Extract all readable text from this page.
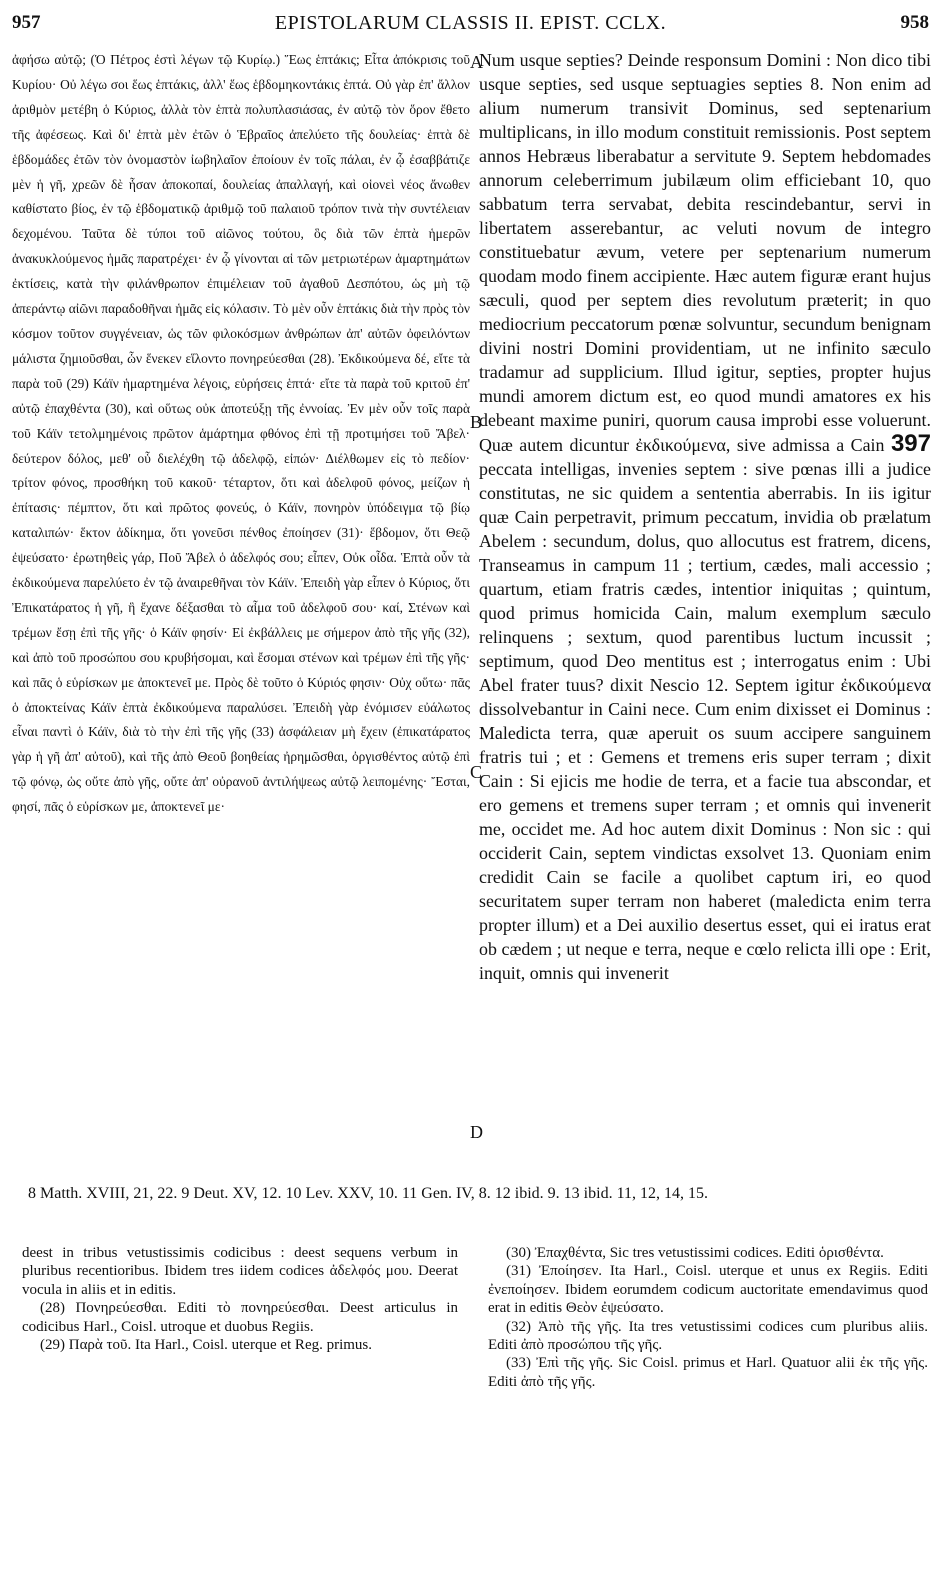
957	EPISTOLARUM CLASSIS II. EPIST. CCLX.	958

ἀφήσω αὐτῷ; (Ὁ Πέτρος ἐστὶ λέγων τῷ Κυρίῳ.) Ἕως ἑπτάκις; Εἶτα ἀπόκρισις τοῦ Κυρίου· Οὐ λέγω σοι ἕως ἑπτάκις, ἀλλ' ἕως ἑβδομηκοντάκις ἑπτά. Οὐ γὰρ ἐπ' ἄλλον ἀριθμὸν μετέβη ὁ Κύριος, ἀλλὰ τὸν ἑπτὰ πολυπλασιάσας, ἐν αὐτῷ τὸν ὅρον ἔθετο τῆς ἀφέσεως. Καὶ δι' ἑπτὰ μὲν ἐτῶν ὁ Ἑβραῖος ἀπελύετο τῆς δουλείας· ἑπτὰ δὲ ἑβδομάδες ἐτῶν τὸν ὀνομαστὸν ἰωβηλαῖον ἐποίουν ἐν τοῖς πάλαι, ἐν ᾧ ἐσαββάτιζε μὲν ἡ γῆ, χρεῶν δὲ ἦσαν ἀποκοπαί, δουλείας ἀπαλλαγή, καὶ οἱονεὶ νέος ἄνωθεν καθίστατο βίος, ἐν τῷ ἑβδοματικῷ ἀριθμῷ τοῦ παλαιοῦ τρόπον τινὰ τὴν συντέλειαν δεχομένου. Ταῦτα δὲ τύποι τοῦ αἰῶνος τούτου, ὃς διὰ τῶν ἑπτὰ ἡμερῶν ἀνακυκλούμενος ἡμᾶς παρατρέχει· ἐν ᾧ γίνονται αἱ τῶν μετριωτέρων ἁμαρτημάτων ἐκτίσεις, κατὰ τὴν φιλάνθρωπον ἐπιμέλειαν τοῦ ἀγαθοῦ Δεσπότου, ὡς μὴ τῷ ἀπεράντῳ αἰῶνι παραδοθῆναι ἡμᾶς εἰς κόλασιν. Τὸ μὲν οὖν ἑπτάκις διὰ τὴν πρὸς τὸν κόσμον τοῦτον συγγένειαν, ὡς τῶν φιλοκόσμων ἀνθρώπων ἀπ' αὐτῶν ὀφειλόντων μάλιστα ζημιοῦσθαι, ὧν ἕνεκεν εἵλοντο πονηρεύεσθαι (28). Ἐκδικούμενα δέ, εἴτε τὰ παρὰ τοῦ (29) Κάϊν ἡμαρτημένα λέγοις, εὑρήσεις ἑπτά· εἴτε τὰ παρὰ τοῦ κριτοῦ ἐπ' αὐτῷ ἐπαχθέντα (30), καὶ οὕτως οὐκ ἀποτεύξῃ τῆς ἐννοίας. Ἐν μὲν οὖν τοῖς παρὰ τοῦ Κάϊν τετολμημένοις πρῶτον ἁμάρτημα φθόνος ἐπὶ τῇ προτιμήσει τοῦ Ἄβελ· δεύτερον δόλος, μεθ' οὗ διελέχθη τῷ ἀδελφῷ, εἰπών· Διέλθωμεν εἰς τὸ πεδίον· τρίτον φόνος, προσθήκη τοῦ κακοῦ· τέταρτον, ὅτι καὶ ἀδελφοῦ φόνος, μείζων ἡ ἐπίτασις· πέμπτον, ὅτι καὶ πρῶτος φονεύς, ὁ Κάϊν, πονηρὸν ὑπόδειγμα τῷ βίῳ καταλιπών· ἕκτον ἀδίκημα, ὅτι γονεῦσι πένθος ἐποίησεν (31)· ἕβδομον, ὅτι Θεῷ ἐψεύσατο· ἐρωτηθεὶς γάρ, Ποῦ Ἄβελ ὁ ἀδελφός σου; εἶπεν, Οὐκ οἶδα. Ἑπτὰ οὖν τὰ ἐκδικούμενα παρελύετο ἐν τῷ ἀναιρεθῆναι τὸν Κάϊν. Ἐπειδὴ γὰρ εἶπεν ὁ Κύριος, ὅτι Ἐπικατάρατος ἡ γῆ, ἣ ἔχανε δέξασθαι τὸ αἷμα τοῦ ἀδελφοῦ σου· καί, Στένων καὶ τρέμων ἔσῃ ἐπὶ τῆς γῆς· ὁ Κάϊν φησίν· Εἰ ἐκβάλλεις με σήμερον ἀπὸ τῆς γῆς (32), καὶ ἀπὸ τοῦ προσώπου σου κρυβήσομαι, καὶ ἔσομαι στένων καὶ τρέμων ἐπὶ τῆς γῆς· καὶ πᾶς ὁ εὑρίσκων με ἀποκτενεῖ με. Πρὸς δὲ τοῦτο ὁ Κύριός φησιν· Οὐχ οὕτω· πᾶς ὁ ἀποκτείνας Κάϊν ἑπτὰ ἐκδικούμενα παραλύσει. Ἐπειδὴ γὰρ ἐνόμισεν εὐάλωτος εἶναι παντὶ ὁ Κάϊν, διὰ τὸ τὴν ἐπὶ τῆς γῆς (33) ἀσφάλειαν μὴ ἔχειν (ἐπικατάρατος γὰρ ἡ γῆ ἀπ' αὐτοῦ), καὶ τῆς ἀπὸ Θεοῦ βοηθείας ἠρημῶσθαι, ὀργισθέντος αὐτῷ ἐπὶ τῷ φόνῳ, ὡς οὔτε ἀπὸ γῆς, οὔτε ἀπ' οὐρανοῦ ἀντιλήψεως αὐτῷ λειπομένης· Ἔσται, φησί, πᾶς ὁ εὑρίσκων με, ἀποκτενεῖ με·

A
B
C
D

Num usque septies? Deinde responsum Domini : Non dico tibi usque septies, sed usque septuagies septies 8. Non enim ad alium numerum transivit Dominus, sed septenarium multiplicans, in illo modum constituit remissionis. Post septem annos Hebræus liberabatur a servitute 9. Septem hebdomades annorum celeberrimum jubilæum olim efficiebant 10, quo sabbatum terra servabat, debita rescindebantur, servi in libertatem asserebantur, ac veluti novum de integro constituebatur ævum, vetere per septenarium numerum quodam modo finem accipiente. Hæc autem figuræ erant hujus sæculi, quod per septem dies revolutum præterit; in quo mediocrium peccatorum pœnæ solvuntur, secundum benignam divini nostri Domini providentiam, ut ne infinito sæculo tradamur ad supplicium. Illud igitur, septies, propter hujus mundi amorem dictum est, eo quod mundi amatores ex his debeant maxime puniri, quorum causa improbi esse voluerunt. Quæ autem dicuntur ἐκδικούμενα, sive admissa a Cain 397 peccata intelligas, invenies septem : sive pœnas illi a judice constitutas, ne sic quidem a sententia aberrabis. In iis igitur quæ Cain perpetravit, primum peccatum, invidia ob prælatum Abelem : secundum, dolus, quo allocutus est fratrem, dicens, Transeamus in campum 11 ; tertium, cædes, mali accessio ; quartum, etiam fratris cædes, intentior iniquitas ; quintum, quod primus homicida Cain, malum exemplum sæculo relinquens ; sextum, quod parentibus luctum incussit ; septimum, quod Deo mentitus est ; interrogatus enim : Ubi Abel frater tuus? dixit Nescio 12. Septem igitur ἐκδικούμενα dissolvebantur in Caini nece. Cum enim dixisset ei Dominus : Maledicta terra, quæ aperuit os suum accipere sanguinem fratris tui ; et : Gemens et tremens eris super terram ; dixit Cain : Si ejicis me hodie de terra, et a facie tua abscondar, et ero gemens et tremens super terram ; et omnis qui invenerit me, occidet me. Ad hoc autem dixit Dominus : Non sic : qui occiderit Cain, septem vindictas exsolvet 13. Quoniam enim credidit Cain se facile a quolibet captum iri, eo quod securitatem super terram non haberet (maledicta enim terra propter illum) et a Dei auxilio desertus esset, qui ei iratus erat ob cædem ; ut neque e terra, neque e cœlo relicta illi ope : Erit, inquit, omnis qui invenerit

8 Matth. XVIII, 21, 22. 9 Deut. XV, 12. 10 Lev. XXV, 10. 11 Gen. IV, 8. 12 ibid. 9. 13 ibid. 11, 12, 14, 15.

deest in tribus vetustissimis codicibus : deest sequens verbum in pluribus recentioribus. Ibidem tres iidem codices ἀδελφός μου. Deerat vocula in aliis et in editis.

(28) Πονηρεύεσθαι. Editi τὸ πονηρεύεσθαι. Deest articulus in codicibus Harl., Coisl. utroque et duobus Regiis.

(29) Παρὰ τοῦ. Ita Harl., Coisl. uterque et Reg. primus.

(30) Ἐπαχθέντα, Sic tres vetustissimi codices. Editi ὁρισθέντα.

(31) Ἐποίησεν. Ita Harl., Coisl. uterque et unus ex Regiis. Editi ἐνεποίησεν. Ibidem eorumdem codicum auctoritate emendavimus quod erat in editis Θεὸν ἐψεύσατο.

(32) Ἀπὸ τῆς γῆς. Ita tres vetustissimi codices cum pluribus aliis. Editi ἀπὸ προσώπου τῆς γῆς.

(33) Ἐπὶ τῆς γῆς. Sic Coisl. primus et Harl. Quatuor alii ἐκ τῆς γῆς. Editi ἀπὸ τῆς γῆς.
